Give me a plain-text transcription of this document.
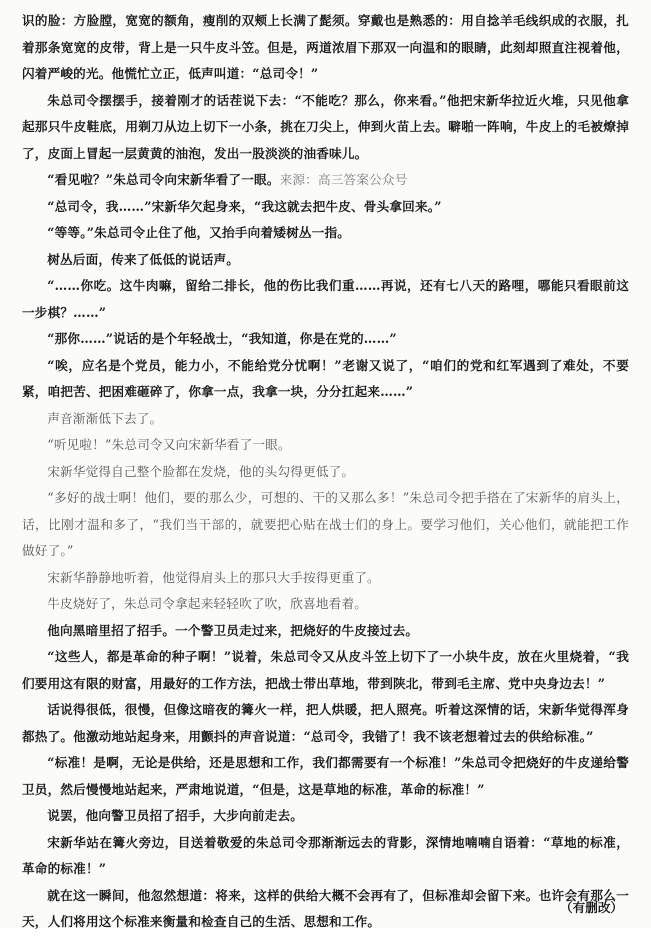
识的脸：方脸膛，宽宽的额角，瘦削的双颊上长满了髭须。穿戴也是熟悉的：用自捻羊毛线织成的衣服，扎着那条宽宽的皮带，背上是一只牛皮斗笠。但是，两道浓眉下那双一向温和的眼睛，此刻却照直注视着他，闪着严峻的光。他慌忙立正，低声叫道：“总司令！”

朱总司令摆摆手，接着刚才的话茬说下去：“不能吃？那么，你来看。”他把宋新华拉近火堆，只见他拿起那只牛皮鞋底，用剃刀从边上切下一小条，挑在刀尖上，伸到火苗上去。噼啪一阵响，牛皮上的毛被燎掉了，皮面上冒起一层黄黄的油泡，发出一股淡淡的油香味儿。

“看见啦？”朱总司令向宋新华看了一眼。来源：高三答案公众号

“总司令，我……”宋新华欠起身来，“我这就去把牛皮、骨头拿回来。”

“等等。”朱总司令止住了他，又抬手向着矮树丛一指。

树丛后面，传来了低低的说话声。

“……你吃。这牛肉嘛，留给二排长，他的伤比我们重……再说，还有七八天的路哩，哪能只看眼前这一步棋？……”

“那你……”说话的是个年轻战士，“我知道，你是在党的……”

“唉，应名是个党员，能力小，不能给党分忧啊！”老谢又说了，“咱们的党和红军遇到了难处，不要紧，咱把苦、把困难砸碎了，你拿一点，我拿一块，分分扛起来……”

声音渐渐低下去了。

“听见啦！”朱总司令又向宋新华看了一眼。

宋新华觉得自己整个脸都在发烧，他的头勾得更低了。

“多好的战士啊！他们，要的那么少，可想的、干的又那么多！”朱总司令把手搭在了宋新华的肩头上，话，比刚才温和多了，“我们当干部的，就要把心贴在战士们的身上。要学习他们，关心他们，就能把工作做好了。”

宋新华静静地听着，他觉得肩头上的那只大手按得更重了。

牛皮烧好了，朱总司令拿起来轻轻吹了吹，欣喜地看着。

他向黑暗里招了招手。一个警卫员走过来，把烧好的牛皮接过去。

“这些人，都是革命的种子啊！”说着，朱总司令又从皮斗笠上切下了一小块牛皮，放在火里烧着，“我们要用这有限的财富，用最好的工作方法，把战士带出草地，带到陕北，带到毛主席、党中央身边去！”

话说得很低，很慢，但像这暗夜的篝火一样，把人烘暖，把人照亮。听着这深情的话，宋新华觉得浑身都热了。他激动地站起身来，用颤抖的声音说道：“总司令，我错了！我不该老想着过去的供给标准。”

“标准！是啊，无论是供给，还是思想和工作，我们都需要有一个标准！”朱总司令把烧好的牛皮递给警卫员，然后慢慢地站起来，严肃地说道，“但是，这是草地的标准，革命的标准！”

说罢，他向警卫员招了招手，大步向前走去。

宋新华站在篝火旁边，目送着敬爱的朱总司令那渐渐远去的背影，深情地喃喃自语着：“草地的标准，革命的标准！”

就在这一瞬间，他忽然想道：将来，这样的供给大概不会再有了，但标准却会留下来。也许会有那么一天，人们将用这个标准来衡量和检查自己的生活、思想和工作。

（有删改）
